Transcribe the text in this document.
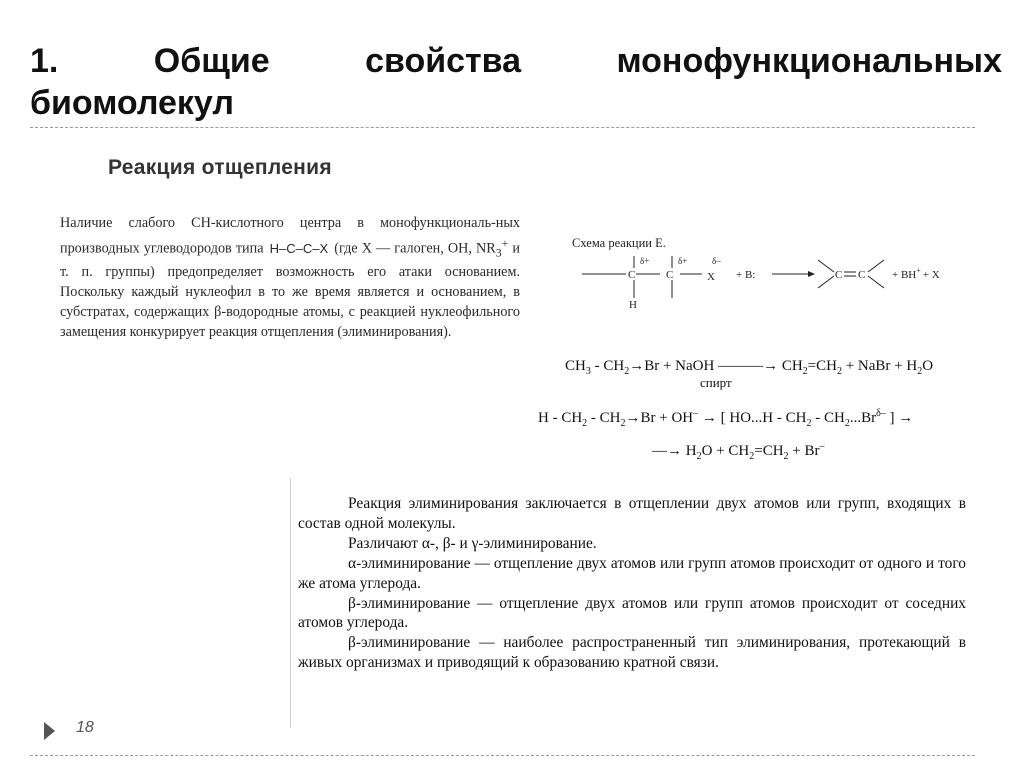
1.	Общие	свойства	монофункциональных
биомолекул
Реакция отщепления

Наличие слабого СН-кислотного центра в монофункциональ-ных производных углеводородов типа H–C–C–X (где X — галоген, OH, $NR_3^+$ и т. п. группы) предопределяет возможность его атаки основанием. Поскольку каждый нуклеофил в то же время является и основанием, в субстратах, содержащих β-водородные атомы, с реакцией нуклеофильного замещения конкурирует реакция отщепления (элиминирования).

Схема реакции Е.
C	C
H
X
δ+	δ+	δ–
+ B:	C C + BH+ + X
$CH_3 - CH_2\to Br$ + NaOH ———→ $CH_2=CH_2$ + NaBr + $H_2O$
спирт
$H - CH_2 - CH_2\to Br + OH^-$ → [ $HO...H - CH_2 - CH_2...Br^{\delta-}$ ] →
—→ $H_2O + CH_2=CH_2 + Br^-$

Реакция элиминирования заключается в отщеплении двух атомов или групп, входящих в состав одной молекулы.

Различают α-, β- и γ-элиминирование.

α-элиминирование — отщепление двух атомов или групп атомов происходит от одного и того же атома углерода.

β-элиминирование — отщепление двух атомов или групп атомов происходит от соседних атомов углерода.

β-элиминирование — наиболее распространенный тип элиминирования, протекающий в живых организмах и приводящий к образованию кратной связи.

18
